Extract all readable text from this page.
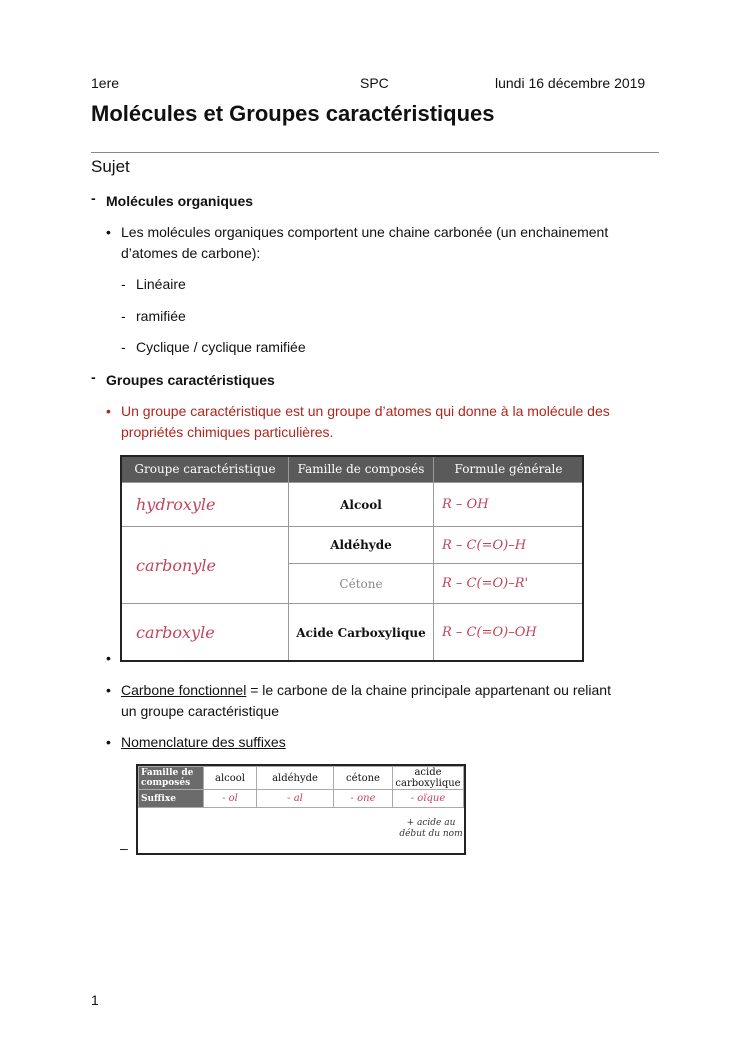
1ere	SPC	lundi 16 décembre 2019
Molécules et Groupes caractéristiques
Sujet
- Molécules organiques
• Les molécules organiques comportent une chaine carbonée (un enchainement
d’atomes de carbone):
- Linéaire
- ramifiée
- Cyclique / cyclique ramifiée
- Groupes caractéristiques
• Un groupe caractéristique est un groupe d’atomes qui donne à la molécule des
propriétés chimiques particulières.
Groupe caractéristique	Famille de composés	Formule générale
hydroxyle	Alcool	R – OH
carbonyle	Aldéhyde	R – C(=O)–H
	Cétone	R – C(=O)–R'
carboxyle	Acide Carboxylique	R – C(=O)–OH
•
• Carbone fonctionnel = le carbone de la chaine principale appartenant ou reliant
un groupe caractéristique
• Nomenclature des suffixes
Famille de composés	alcool	aldéhyde	cétone	acide carboxylique
Suffixe	- ol	- al	- one	- oïque
+ acide au début du nom
–
1
